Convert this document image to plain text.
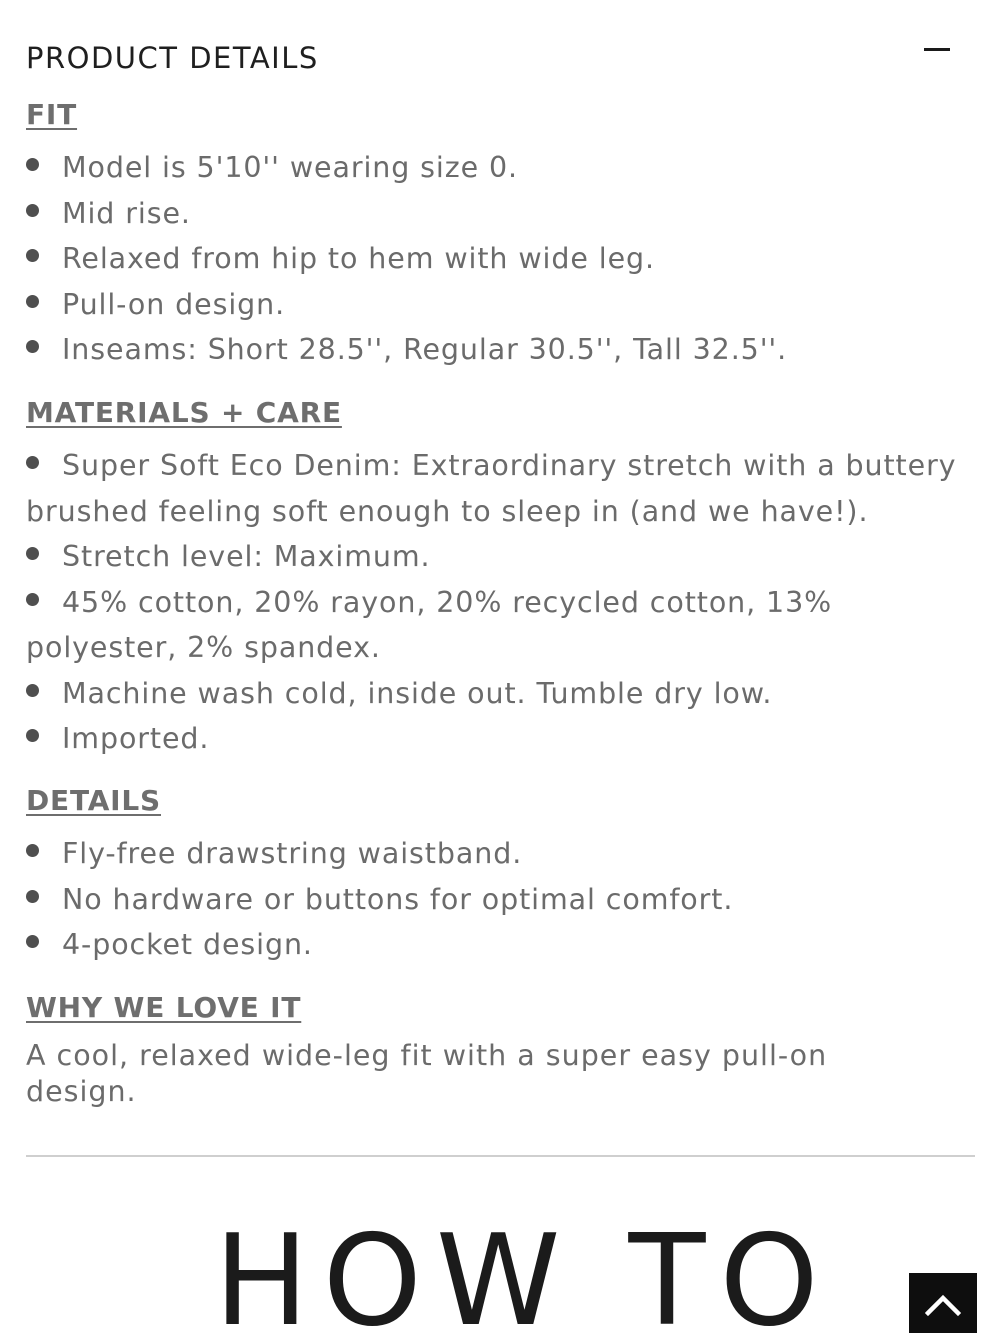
PRODUCT DETAILS
FIT
Model is 5'10'' wearing size 0.
Mid rise.
Relaxed from hip to hem with wide leg.
Pull-on design.
Inseams: Short 28.5'', Regular 30.5'', Tall 32.5''.
MATERIALS + CARE
Super Soft Eco Denim: Extraordinary stretch with a buttery brushed feeling soft enough to sleep in (and we have!).
Stretch level: Maximum.
45% cotton, 20% rayon, 20% recycled cotton, 13% polyester, 2% spandex.
Machine wash cold, inside out. Tumble dry low.
Imported.
DETAILS
Fly-free drawstring waistband.
No hardware or buttons for optimal comfort.
4-pocket design.
WHY WE LOVE IT

A cool, relaxed wide-leg fit with a super easy pull-on design.

HOW TO
